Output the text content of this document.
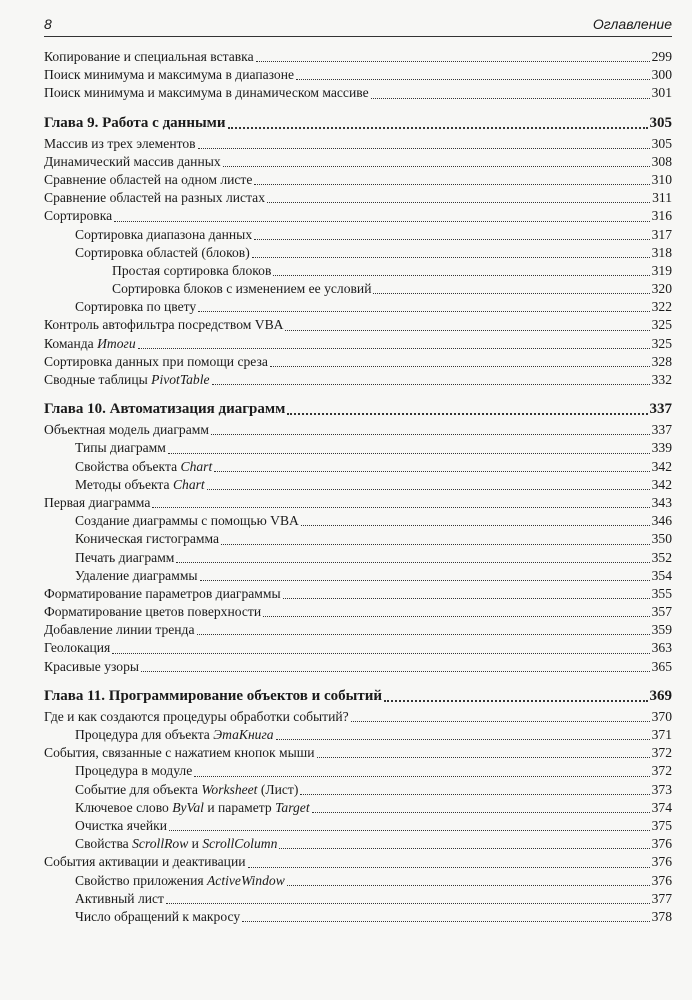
8	Оглавление
Копирование и специальная вставка	299
Поиск минимума и максимума в диапазоне	300
Поиск минимума и максимума в динамическом массиве	301
Глава 9. Работа с данными	305
Массив из трех элементов	305
Динамический массив данных	308
Сравнение областей на одном листе	310
Сравнение областей на разных листах	311
Сортировка	316
Сортировка диапазона данных	317
Сортировка областей (блоков)	318
Простая сортировка блоков	319
Сортировка блоков с изменением ее условий	320
Сортировка по цвету	322
Контроль автофильтра посредством VBA	325
Команда Итоги	325
Сортировка данных при помощи среза	328
Сводные таблицы PivotTable	332
Глава 10. Автоматизация диаграмм	337
Объектная модель диаграмм	337
Типы диаграмм	339
Свойства объекта Chart	342
Методы объекта Chart	342
Первая диаграмма	343
Создание диаграммы с помощью VBA	346
Коническая гистограмма	350
Печать диаграмм	352
Удаление диаграммы	354
Форматирование параметров диаграммы	355
Форматирование цветов поверхности	357
Добавление линии тренда	359
Геолокация	363
Красивые узоры	365
Глава 11. Программирование объектов и событий	369
Где и как создаются процедуры обработки событий?	370
Процедура для объекта ЭтаКнига	371
События, связанные с нажатием кнопок мыши	372
Процедура в модуле	372
Событие для объекта Worksheet (Лист)	373
Ключевое слово ByVal и параметр Target	374
Очистка ячейки	375
Свойства ScrollRow и ScrollColumn	376
События активации и деактивации	376
Свойство приложения ActiveWindow	376
Активный лист	377
Число обращений к макросу	378
